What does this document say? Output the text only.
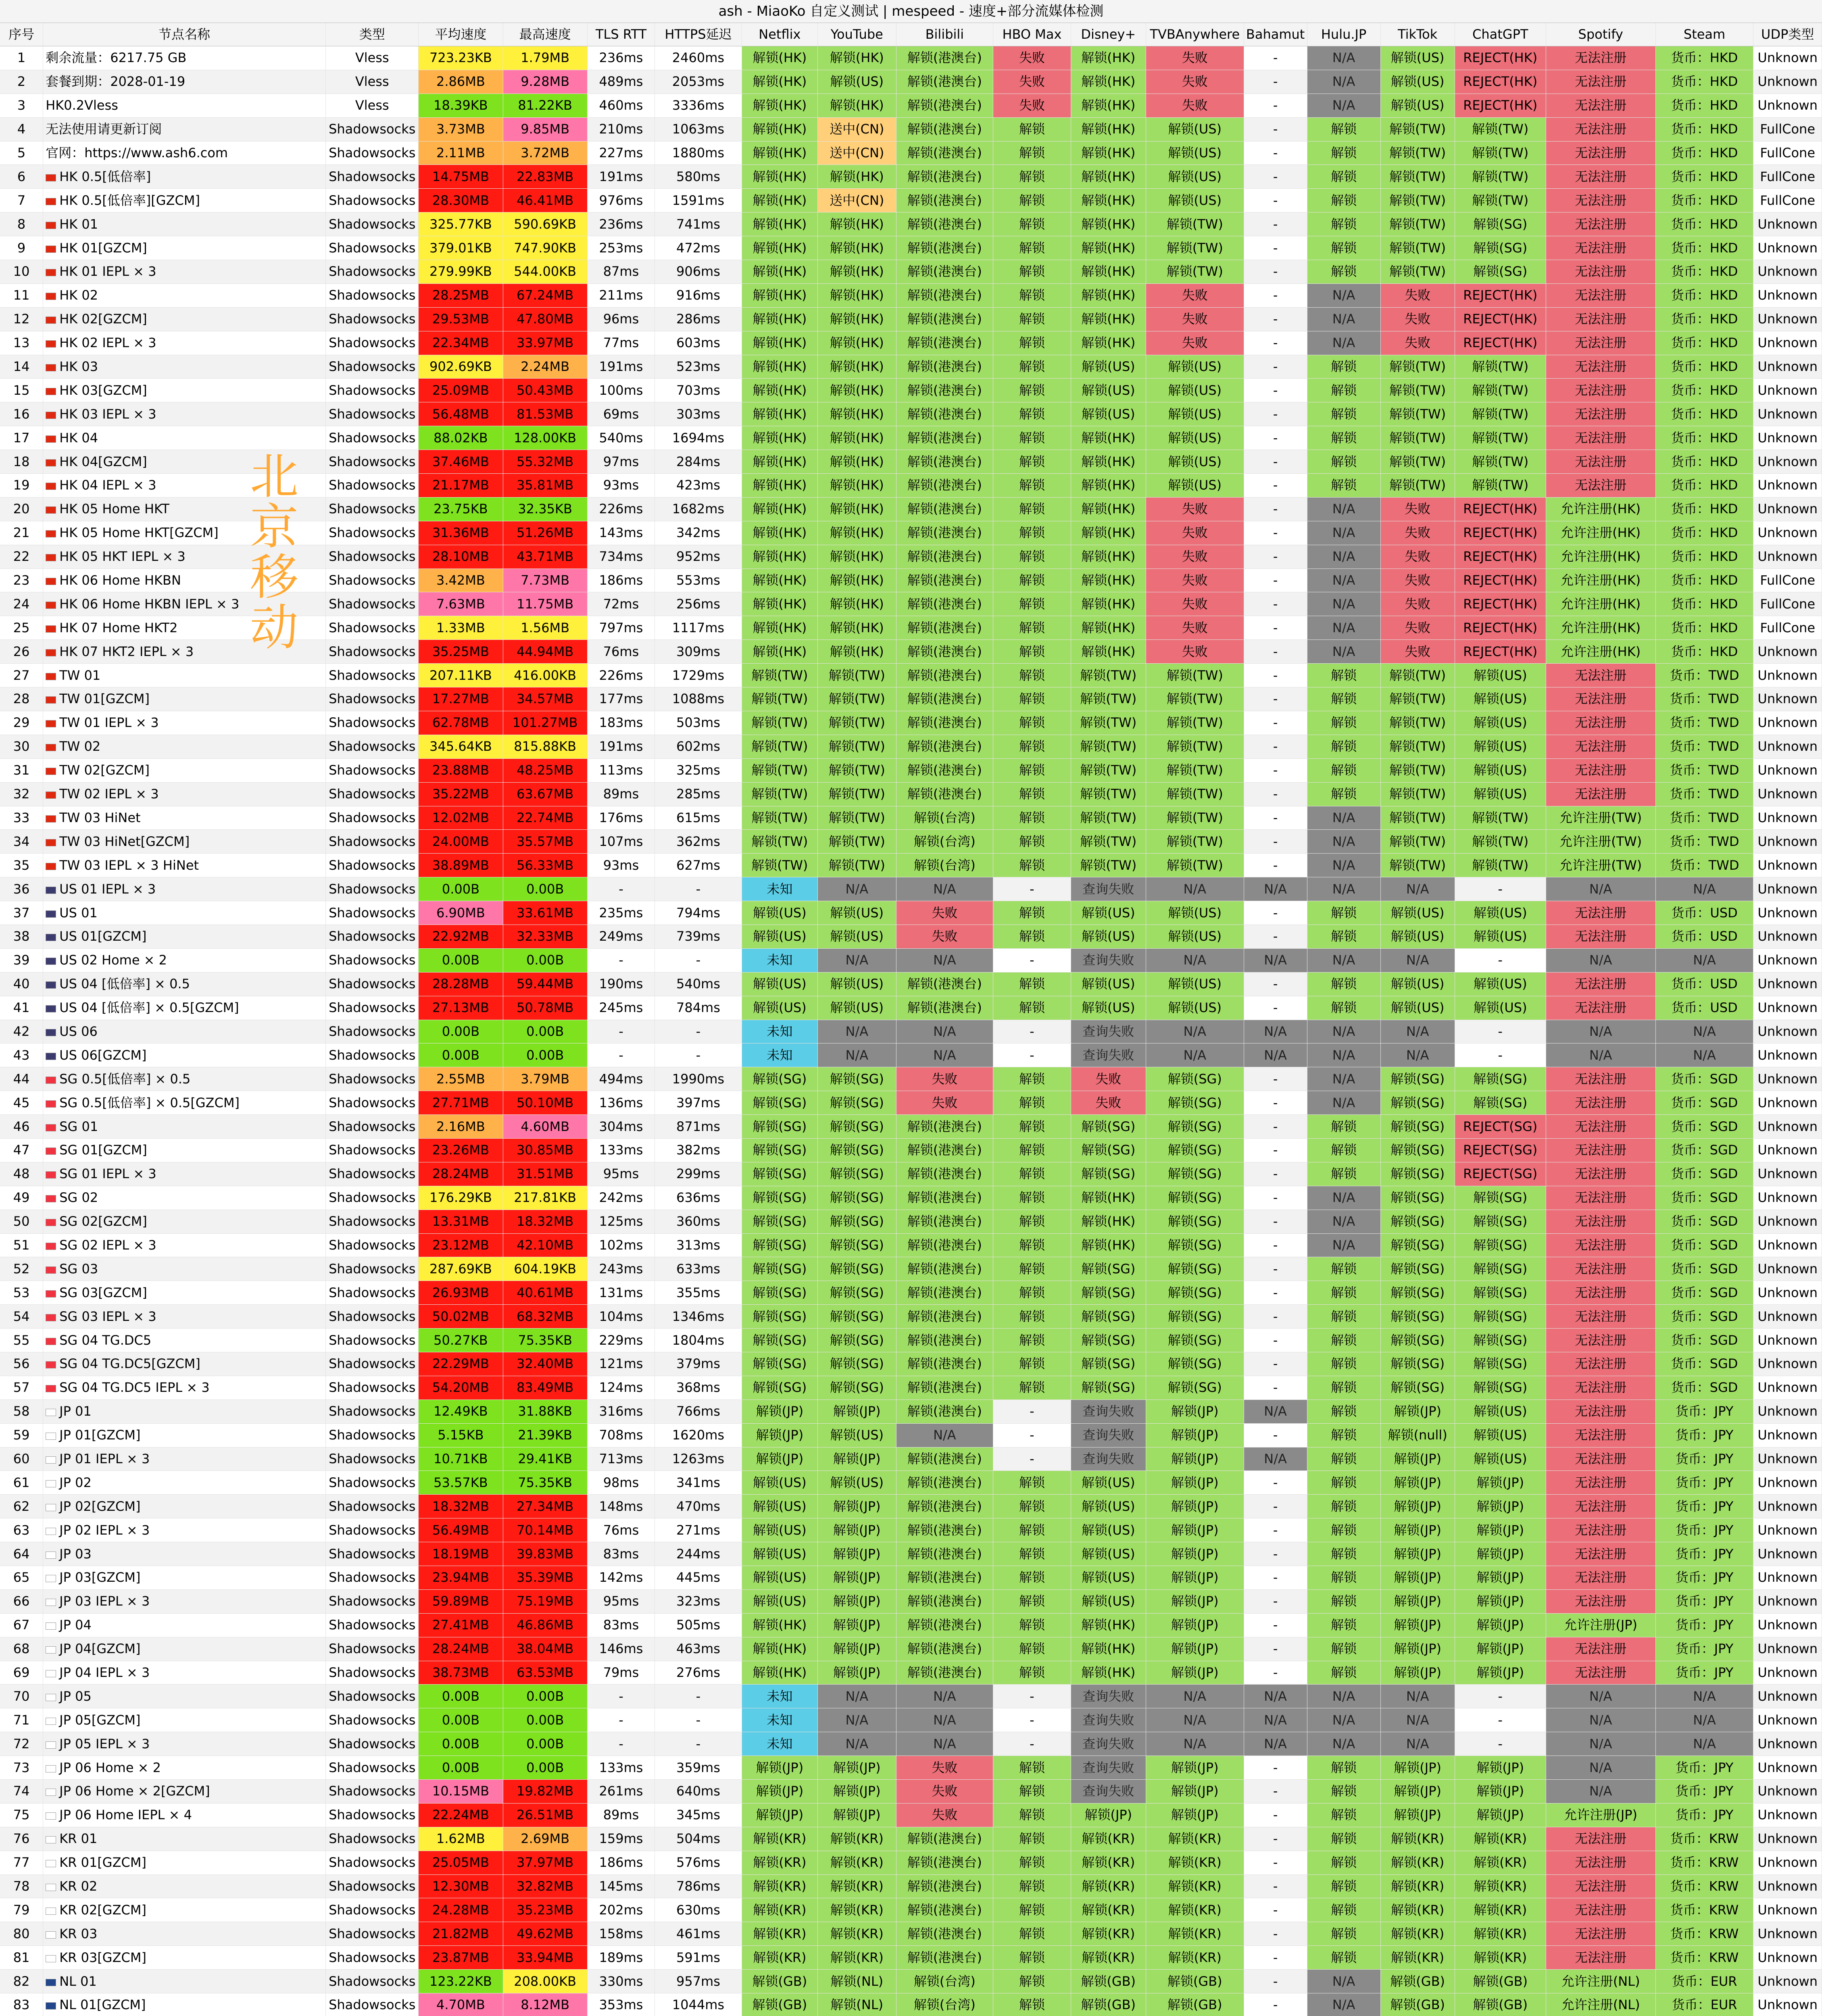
ash - MiaoKo 自定义测试 | mespeed - 速度+部分流媒体检测
序号	节点名称	类型	平均速度	最高速度	TLS RTT	HTTPS延迟	Netflix	YouTube	Bilibili	HBO Max	Disney+	TVBAnywhere	Bahamut	Hulu.JP	TikTok	ChatGPT	Spotify	Steam	UDP类型
1	剩余流量：6217.75 GB	Vless	723.23KB	1.79MB	236ms	2460ms	解锁(HK)	解锁(HK)	解锁(港澳台)	失败	解锁(HK)	失败	-	N/A	解锁(US)	REJECT(HK)	无法注册	货币：HKD	Unknown
2	套餐到期：2028-01-19	Vless	2.86MB	9.28MB	489ms	2053ms	解锁(HK)	解锁(US)	解锁(港澳台)	失败	解锁(HK)	失败	-	N/A	解锁(US)	REJECT(HK)	无法注册	货币：HKD	Unknown
3	HK0.2Vless	Vless	18.39KB	81.22KB	460ms	3336ms	解锁(HK)	解锁(HK)	解锁(港澳台)	失败	解锁(HK)	失败	-	N/A	解锁(US)	REJECT(HK)	无法注册	货币：HKD	Unknown
4	无法使用请更新订阅	Shadowsocks	3.73MB	9.85MB	210ms	1063ms	解锁(HK)	送中(CN)	解锁(港澳台)	解锁	解锁(HK)	解锁(US)	-	解锁	解锁(TW)	解锁(TW)	无法注册	货币：HKD	FullCone
5	官网：https://www.ash6.com	Shadowsocks	2.11MB	3.72MB	227ms	1880ms	解锁(HK)	送中(CN)	解锁(港澳台)	解锁	解锁(HK)	解锁(US)	-	解锁	解锁(TW)	解锁(TW)	无法注册	货币：HKD	FullCone
6	HK 0.5[低倍率]	Shadowsocks	14.75MB	22.83MB	191ms	580ms	解锁(HK)	解锁(HK)	解锁(港澳台)	解锁	解锁(HK)	解锁(US)	-	解锁	解锁(TW)	解锁(TW)	无法注册	货币：HKD	FullCone
7	HK 0.5[低倍率][GZCM]	Shadowsocks	28.30MB	46.41MB	976ms	1591ms	解锁(HK)	送中(CN)	解锁(港澳台)	解锁	解锁(HK)	解锁(US)	-	解锁	解锁(TW)	解锁(TW)	无法注册	货币：HKD	FullCone
8	HK 01	Shadowsocks	325.77KB	590.69KB	236ms	741ms	解锁(HK)	解锁(HK)	解锁(港澳台)	解锁	解锁(HK)	解锁(TW)	-	解锁	解锁(TW)	解锁(SG)	无法注册	货币：HKD	Unknown
9	HK 01[GZCM]	Shadowsocks	379.01KB	747.90KB	253ms	472ms	解锁(HK)	解锁(HK)	解锁(港澳台)	解锁	解锁(HK)	解锁(TW)	-	解锁	解锁(TW)	解锁(SG)	无法注册	货币：HKD	Unknown
10	HK 01 IEPL × 3	Shadowsocks	279.99KB	544.00KB	87ms	906ms	解锁(HK)	解锁(HK)	解锁(港澳台)	解锁	解锁(HK)	解锁(TW)	-	解锁	解锁(TW)	解锁(SG)	无法注册	货币：HKD	Unknown
11	HK 02	Shadowsocks	28.25MB	67.24MB	211ms	916ms	解锁(HK)	解锁(HK)	解锁(港澳台)	解锁	解锁(HK)	失败	-	N/A	失败	REJECT(HK)	无法注册	货币：HKD	Unknown
12	HK 02[GZCM]	Shadowsocks	29.53MB	47.80MB	96ms	286ms	解锁(HK)	解锁(HK)	解锁(港澳台)	解锁	解锁(HK)	失败	-	N/A	失败	REJECT(HK)	无法注册	货币：HKD	Unknown
13	HK 02 IEPL × 3	Shadowsocks	22.34MB	33.97MB	77ms	603ms	解锁(HK)	解锁(HK)	解锁(港澳台)	解锁	解锁(HK)	失败	-	N/A	失败	REJECT(HK)	无法注册	货币：HKD	Unknown
14	HK 03	Shadowsocks	902.69KB	2.24MB	191ms	523ms	解锁(HK)	解锁(HK)	解锁(港澳台)	解锁	解锁(US)	解锁(US)	-	解锁	解锁(TW)	解锁(TW)	无法注册	货币：HKD	Unknown
15	HK 03[GZCM]	Shadowsocks	25.09MB	50.43MB	100ms	703ms	解锁(HK)	解锁(HK)	解锁(港澳台)	解锁	解锁(US)	解锁(US)	-	解锁	解锁(TW)	解锁(TW)	无法注册	货币：HKD	Unknown
16	HK 03 IEPL × 3	Shadowsocks	56.48MB	81.53MB	69ms	303ms	解锁(HK)	解锁(HK)	解锁(港澳台)	解锁	解锁(US)	解锁(US)	-	解锁	解锁(TW)	解锁(TW)	无法注册	货币：HKD	Unknown
17	HK 04	Shadowsocks	88.02KB	128.00KB	540ms	1694ms	解锁(HK)	解锁(HK)	解锁(港澳台)	解锁	解锁(HK)	解锁(US)	-	解锁	解锁(TW)	解锁(TW)	无法注册	货币：HKD	Unknown
18	HK 04[GZCM]	Shadowsocks	37.46MB	55.32MB	97ms	284ms	解锁(HK)	解锁(HK)	解锁(港澳台)	解锁	解锁(HK)	解锁(US)	-	解锁	解锁(TW)	解锁(TW)	无法注册	货币：HKD	Unknown
19	HK 04 IEPL × 3	Shadowsocks	21.17MB	35.81MB	93ms	423ms	解锁(HK)	解锁(HK)	解锁(港澳台)	解锁	解锁(HK)	解锁(US)	-	解锁	解锁(TW)	解锁(TW)	无法注册	货币：HKD	Unknown
20	HK 05 Home HKT	Shadowsocks	23.75KB	32.35KB	226ms	1682ms	解锁(HK)	解锁(HK)	解锁(港澳台)	解锁	解锁(HK)	失败	-	N/A	失败	REJECT(HK)	允许注册(HK)	货币：HKD	Unknown
21	HK 05 Home HKT[GZCM]	Shadowsocks	31.36MB	51.26MB	143ms	342ms	解锁(HK)	解锁(HK)	解锁(港澳台)	解锁	解锁(HK)	失败	-	N/A	失败	REJECT(HK)	允许注册(HK)	货币：HKD	Unknown
22	HK 05 HKT IEPL × 3	Shadowsocks	28.10MB	43.71MB	734ms	952ms	解锁(HK)	解锁(HK)	解锁(港澳台)	解锁	解锁(HK)	失败	-	N/A	失败	REJECT(HK)	允许注册(HK)	货币：HKD	Unknown
23	HK 06 Home HKBN	Shadowsocks	3.42MB	7.73MB	186ms	553ms	解锁(HK)	解锁(HK)	解锁(港澳台)	解锁	解锁(HK)	失败	-	N/A	失败	REJECT(HK)	允许注册(HK)	货币：HKD	FullCone
24	HK 06 Home HKBN IEPL × 3	Shadowsocks	7.63MB	11.75MB	72ms	256ms	解锁(HK)	解锁(HK)	解锁(港澳台)	解锁	解锁(HK)	失败	-	N/A	失败	REJECT(HK)	允许注册(HK)	货币：HKD	FullCone
25	HK 07 Home HKT2	Shadowsocks	1.33MB	1.56MB	797ms	1117ms	解锁(HK)	解锁(HK)	解锁(港澳台)	解锁	解锁(HK)	失败	-	N/A	失败	REJECT(HK)	允许注册(HK)	货币：HKD	FullCone
26	HK 07 HKT2 IEPL × 3	Shadowsocks	35.25MB	44.94MB	76ms	309ms	解锁(HK)	解锁(HK)	解锁(港澳台)	解锁	解锁(HK)	失败	-	N/A	失败	REJECT(HK)	允许注册(HK)	货币：HKD	Unknown
27	TW 01	Shadowsocks	207.11KB	416.00KB	226ms	1729ms	解锁(TW)	解锁(TW)	解锁(港澳台)	解锁	解锁(TW)	解锁(TW)	-	解锁	解锁(TW)	解锁(US)	无法注册	货币：TWD	Unknown
28	TW 01[GZCM]	Shadowsocks	17.27MB	34.57MB	177ms	1088ms	解锁(TW)	解锁(TW)	解锁(港澳台)	解锁	解锁(TW)	解锁(TW)	-	解锁	解锁(TW)	解锁(US)	无法注册	货币：TWD	Unknown
29	TW 01 IEPL × 3	Shadowsocks	62.78MB	101.27MB	183ms	503ms	解锁(TW)	解锁(TW)	解锁(港澳台)	解锁	解锁(TW)	解锁(TW)	-	解锁	解锁(TW)	解锁(US)	无法注册	货币：TWD	Unknown
30	TW 02	Shadowsocks	345.64KB	815.88KB	191ms	602ms	解锁(TW)	解锁(TW)	解锁(港澳台)	解锁	解锁(TW)	解锁(TW)	-	解锁	解锁(TW)	解锁(US)	无法注册	货币：TWD	Unknown
31	TW 02[GZCM]	Shadowsocks	23.88MB	48.25MB	113ms	325ms	解锁(TW)	解锁(TW)	解锁(港澳台)	解锁	解锁(TW)	解锁(TW)	-	解锁	解锁(TW)	解锁(US)	无法注册	货币：TWD	Unknown
32	TW 02 IEPL × 3	Shadowsocks	35.22MB	63.67MB	89ms	285ms	解锁(TW)	解锁(TW)	解锁(港澳台)	解锁	解锁(TW)	解锁(TW)	-	解锁	解锁(TW)	解锁(US)	无法注册	货币：TWD	Unknown
33	TW 03 HiNet	Shadowsocks	12.02MB	22.74MB	176ms	615ms	解锁(TW)	解锁(TW)	解锁(台湾)	解锁	解锁(TW)	解锁(TW)	-	N/A	解锁(TW)	解锁(TW)	允许注册(TW)	货币：TWD	Unknown
34	TW 03 HiNet[GZCM]	Shadowsocks	24.00MB	35.57MB	107ms	362ms	解锁(TW)	解锁(TW)	解锁(台湾)	解锁	解锁(TW)	解锁(TW)	-	N/A	解锁(TW)	解锁(TW)	允许注册(TW)	货币：TWD	Unknown
35	TW 03 IEPL × 3 HiNet	Shadowsocks	38.89MB	56.33MB	93ms	627ms	解锁(TW)	解锁(TW)	解锁(台湾)	解锁	解锁(TW)	解锁(TW)	-	N/A	解锁(TW)	解锁(TW)	允许注册(TW)	货币：TWD	Unknown
36	US 01 IEPL × 3	Shadowsocks	0.00B	0.00B	-	-	未知	N/A	N/A	-	查询失败	N/A	N/A	N/A	N/A	-	N/A	N/A	Unknown
37	US 01	Shadowsocks	6.90MB	33.61MB	235ms	794ms	解锁(US)	解锁(US)	失败	解锁	解锁(US)	解锁(US)	-	解锁	解锁(US)	解锁(US)	无法注册	货币：USD	Unknown
38	US 01[GZCM]	Shadowsocks	22.92MB	32.33MB	249ms	739ms	解锁(US)	解锁(US)	失败	解锁	解锁(US)	解锁(US)	-	解锁	解锁(US)	解锁(US)	无法注册	货币：USD	Unknown
39	US 02 Home × 2	Shadowsocks	0.00B	0.00B	-	-	未知	N/A	N/A	-	查询失败	N/A	N/A	N/A	N/A	-	N/A	N/A	Unknown
40	US 04 [低倍率] × 0.5	Shadowsocks	28.28MB	59.44MB	190ms	540ms	解锁(US)	解锁(US)	解锁(港澳台)	解锁	解锁(US)	解锁(US)	-	解锁	解锁(US)	解锁(US)	无法注册	货币：USD	Unknown
41	US 04 [低倍率] × 0.5[GZCM]	Shadowsocks	27.13MB	50.78MB	245ms	784ms	解锁(US)	解锁(US)	解锁(港澳台)	解锁	解锁(US)	解锁(US)	-	解锁	解锁(US)	解锁(US)	无法注册	货币：USD	Unknown
42	US 06	Shadowsocks	0.00B	0.00B	-	-	未知	N/A	N/A	-	查询失败	N/A	N/A	N/A	N/A	-	N/A	N/A	Unknown
43	US 06[GZCM]	Shadowsocks	0.00B	0.00B	-	-	未知	N/A	N/A	-	查询失败	N/A	N/A	N/A	N/A	-	N/A	N/A	Unknown
44	SG 0.5[低倍率] × 0.5	Shadowsocks	2.55MB	3.79MB	494ms	1990ms	解锁(SG)	解锁(SG)	失败	解锁	失败	解锁(SG)	-	N/A	解锁(SG)	解锁(SG)	无法注册	货币：SGD	Unknown
45	SG 0.5[低倍率] × 0.5[GZCM]	Shadowsocks	27.71MB	50.10MB	136ms	397ms	解锁(SG)	解锁(SG)	失败	解锁	失败	解锁(SG)	-	N/A	解锁(SG)	解锁(SG)	无法注册	货币：SGD	Unknown
46	SG 01	Shadowsocks	2.16MB	4.60MB	304ms	871ms	解锁(SG)	解锁(SG)	解锁(港澳台)	解锁	解锁(SG)	解锁(SG)	-	解锁	解锁(SG)	REJECT(SG)	无法注册	货币：SGD	Unknown
47	SG 01[GZCM]	Shadowsocks	23.26MB	30.85MB	133ms	382ms	解锁(SG)	解锁(SG)	解锁(港澳台)	解锁	解锁(SG)	解锁(SG)	-	解锁	解锁(SG)	REJECT(SG)	无法注册	货币：SGD	Unknown
48	SG 01 IEPL × 3	Shadowsocks	28.24MB	31.51MB	95ms	299ms	解锁(SG)	解锁(SG)	解锁(港澳台)	解锁	解锁(SG)	解锁(SG)	-	解锁	解锁(SG)	REJECT(SG)	无法注册	货币：SGD	Unknown
49	SG 02	Shadowsocks	176.29KB	217.81KB	242ms	636ms	解锁(SG)	解锁(SG)	解锁(港澳台)	解锁	解锁(HK)	解锁(SG)	-	N/A	解锁(SG)	解锁(SG)	无法注册	货币：SGD	Unknown
50	SG 02[GZCM]	Shadowsocks	13.31MB	18.32MB	125ms	360ms	解锁(SG)	解锁(SG)	解锁(港澳台)	解锁	解锁(HK)	解锁(SG)	-	N/A	解锁(SG)	解锁(SG)	无法注册	货币：SGD	Unknown
51	SG 02 IEPL × 3	Shadowsocks	23.12MB	42.10MB	102ms	313ms	解锁(SG)	解锁(SG)	解锁(港澳台)	解锁	解锁(HK)	解锁(SG)	-	N/A	解锁(SG)	解锁(SG)	无法注册	货币：SGD	Unknown
52	SG 03	Shadowsocks	287.69KB	604.19KB	243ms	633ms	解锁(SG)	解锁(SG)	解锁(港澳台)	解锁	解锁(SG)	解锁(SG)	-	解锁	解锁(SG)	解锁(SG)	无法注册	货币：SGD	Unknown
53	SG 03[GZCM]	Shadowsocks	26.93MB	40.61MB	131ms	355ms	解锁(SG)	解锁(SG)	解锁(港澳台)	解锁	解锁(SG)	解锁(SG)	-	解锁	解锁(SG)	解锁(SG)	无法注册	货币：SGD	Unknown
54	SG 03 IEPL × 3	Shadowsocks	50.02MB	68.32MB	104ms	1346ms	解锁(SG)	解锁(SG)	解锁(港澳台)	解锁	解锁(SG)	解锁(SG)	-	解锁	解锁(SG)	解锁(SG)	无法注册	货币：SGD	Unknown
55	SG 04 TG.DC5	Shadowsocks	50.27KB	75.35KB	229ms	1804ms	解锁(SG)	解锁(SG)	解锁(港澳台)	解锁	解锁(SG)	解锁(SG)	-	解锁	解锁(SG)	解锁(SG)	无法注册	货币：SGD	Unknown
56	SG 04 TG.DC5[GZCM]	Shadowsocks	22.29MB	32.40MB	121ms	379ms	解锁(SG)	解锁(SG)	解锁(港澳台)	解锁	解锁(SG)	解锁(SG)	-	解锁	解锁(SG)	解锁(SG)	无法注册	货币：SGD	Unknown
57	SG 04 TG.DC5 IEPL × 3	Shadowsocks	54.20MB	83.49MB	124ms	368ms	解锁(SG)	解锁(SG)	解锁(港澳台)	解锁	解锁(SG)	解锁(SG)	-	解锁	解锁(SG)	解锁(SG)	无法注册	货币：SGD	Unknown
58	JP 01	Shadowsocks	12.49KB	31.88KB	316ms	766ms	解锁(JP)	解锁(JP)	解锁(港澳台)	-	查询失败	解锁(JP)	N/A	解锁	解锁(JP)	解锁(US)	无法注册	货币：JPY	Unknown
59	JP 01[GZCM]	Shadowsocks	5.15KB	21.39KB	708ms	1620ms	解锁(JP)	解锁(US)	N/A	-	查询失败	解锁(JP)	-	解锁	解锁(null)	解锁(US)	无法注册	货币：JPY	Unknown
60	JP 01 IEPL × 3	Shadowsocks	10.71KB	29.41KB	713ms	1263ms	解锁(JP)	解锁(JP)	解锁(港澳台)	-	查询失败	解锁(JP)	N/A	解锁	解锁(JP)	解锁(US)	无法注册	货币：JPY	Unknown
61	JP 02	Shadowsocks	53.57KB	75.35KB	98ms	341ms	解锁(US)	解锁(US)	解锁(港澳台)	解锁	解锁(US)	解锁(JP)	-	解锁	解锁(JP)	解锁(JP)	无法注册	货币：JPY	Unknown
62	JP 02[GZCM]	Shadowsocks	18.32MB	27.34MB	148ms	470ms	解锁(US)	解锁(JP)	解锁(港澳台)	解锁	解锁(US)	解锁(JP)	-	解锁	解锁(JP)	解锁(JP)	无法注册	货币：JPY	Unknown
63	JP 02 IEPL × 3	Shadowsocks	56.49MB	70.14MB	76ms	271ms	解锁(US)	解锁(JP)	解锁(港澳台)	解锁	解锁(US)	解锁(JP)	-	解锁	解锁(JP)	解锁(JP)	无法注册	货币：JPY	Unknown
64	JP 03	Shadowsocks	18.19MB	39.83MB	83ms	244ms	解锁(US)	解锁(JP)	解锁(港澳台)	解锁	解锁(US)	解锁(JP)	-	解锁	解锁(JP)	解锁(JP)	无法注册	货币：JPY	Unknown
65	JP 03[GZCM]	Shadowsocks	23.94MB	35.39MB	142ms	445ms	解锁(US)	解锁(JP)	解锁(港澳台)	解锁	解锁(US)	解锁(JP)	-	解锁	解锁(JP)	解锁(JP)	无法注册	货币：JPY	Unknown
66	JP 03 IEPL × 3	Shadowsocks	59.89MB	75.19MB	95ms	323ms	解锁(US)	解锁(JP)	解锁(港澳台)	解锁	解锁(US)	解锁(JP)	-	解锁	解锁(JP)	解锁(JP)	无法注册	货币：JPY	Unknown
67	JP 04	Shadowsocks	27.41MB	46.86MB	83ms	505ms	解锁(HK)	解锁(JP)	解锁(港澳台)	解锁	解锁(HK)	解锁(JP)	-	解锁	解锁(JP)	解锁(JP)	允许注册(JP)	货币：JPY	Unknown
68	JP 04[GZCM]	Shadowsocks	28.24MB	38.04MB	146ms	463ms	解锁(HK)	解锁(JP)	解锁(港澳台)	解锁	解锁(HK)	解锁(JP)	-	解锁	解锁(JP)	解锁(JP)	无法注册	货币：JPY	Unknown
69	JP 04 IEPL × 3	Shadowsocks	38.73MB	63.53MB	79ms	276ms	解锁(HK)	解锁(JP)	解锁(港澳台)	解锁	解锁(HK)	解锁(JP)	-	解锁	解锁(JP)	解锁(JP)	无法注册	货币：JPY	Unknown
70	JP 05	Shadowsocks	0.00B	0.00B	-	-	未知	N/A	N/A	-	查询失败	N/A	N/A	N/A	N/A	-	N/A	N/A	Unknown
71	JP 05[GZCM]	Shadowsocks	0.00B	0.00B	-	-	未知	N/A	N/A	-	查询失败	N/A	N/A	N/A	N/A	-	N/A	N/A	Unknown
72	JP 05 IEPL × 3	Shadowsocks	0.00B	0.00B	-	-	未知	N/A	N/A	-	查询失败	N/A	N/A	N/A	N/A	-	N/A	N/A	Unknown
73	JP 06 Home × 2	Shadowsocks	0.00B	0.00B	133ms	359ms	解锁(JP)	解锁(JP)	失败	解锁	查询失败	解锁(JP)	-	解锁	解锁(JP)	解锁(JP)	N/A	货币：JPY	Unknown
74	JP 06 Home × 2[GZCM]	Shadowsocks	10.15MB	19.82MB	261ms	640ms	解锁(JP)	解锁(JP)	失败	解锁	查询失败	解锁(JP)	-	解锁	解锁(JP)	解锁(JP)	N/A	货币：JPY	Unknown
75	JP 06 Home IEPL × 4	Shadowsocks	22.24MB	26.51MB	89ms	345ms	解锁(JP)	解锁(JP)	失败	解锁	解锁(JP)	解锁(JP)	-	解锁	解锁(JP)	解锁(JP)	允许注册(JP)	货币：JPY	Unknown
76	KR 01	Shadowsocks	1.62MB	2.69MB	159ms	504ms	解锁(KR)	解锁(KR)	解锁(港澳台)	解锁	解锁(KR)	解锁(KR)	-	解锁	解锁(KR)	解锁(KR)	无法注册	货币：KRW	Unknown
77	KR 01[GZCM]	Shadowsocks	25.05MB	37.97MB	186ms	576ms	解锁(KR)	解锁(KR)	解锁(港澳台)	解锁	解锁(KR)	解锁(KR)	-	解锁	解锁(KR)	解锁(KR)	无法注册	货币：KRW	Unknown
78	KR 02	Shadowsocks	12.30MB	32.82MB	145ms	786ms	解锁(KR)	解锁(KR)	解锁(港澳台)	解锁	解锁(KR)	解锁(KR)	-	解锁	解锁(KR)	解锁(KR)	无法注册	货币：KRW	Unknown
79	KR 02[GZCM]	Shadowsocks	24.28MB	35.23MB	202ms	630ms	解锁(KR)	解锁(KR)	解锁(港澳台)	解锁	解锁(KR)	解锁(KR)	-	解锁	解锁(KR)	解锁(KR)	无法注册	货币：KRW	Unknown
80	KR 03	Shadowsocks	21.82MB	49.62MB	158ms	461ms	解锁(KR)	解锁(KR)	解锁(港澳台)	解锁	解锁(KR)	解锁(KR)	-	解锁	解锁(KR)	解锁(KR)	无法注册	货币：KRW	Unknown
81	KR 03[GZCM]	Shadowsocks	23.87MB	33.94MB	189ms	591ms	解锁(KR)	解锁(KR)	解锁(港澳台)	解锁	解锁(KR)	解锁(KR)	-	解锁	解锁(KR)	解锁(KR)	无法注册	货币：KRW	Unknown
82	NL 01	Shadowsocks	123.22KB	208.00KB	330ms	957ms	解锁(GB)	解锁(NL)	解锁(台湾)	解锁	解锁(GB)	解锁(GB)	-	N/A	解锁(GB)	解锁(GB)	允许注册(NL)	货币：EUR	Unknown
83	NL 01[GZCM]	Shadowsocks	4.70MB	8.12MB	353ms	1044ms	解锁(GB)	解锁(NL)	解锁(台湾)	解锁	解锁(GB)	解锁(GB)	-	N/A	解锁(GB)	解锁(GB)	允许注册(NL)	货币：EUR	Unknown

北
京
移
动
